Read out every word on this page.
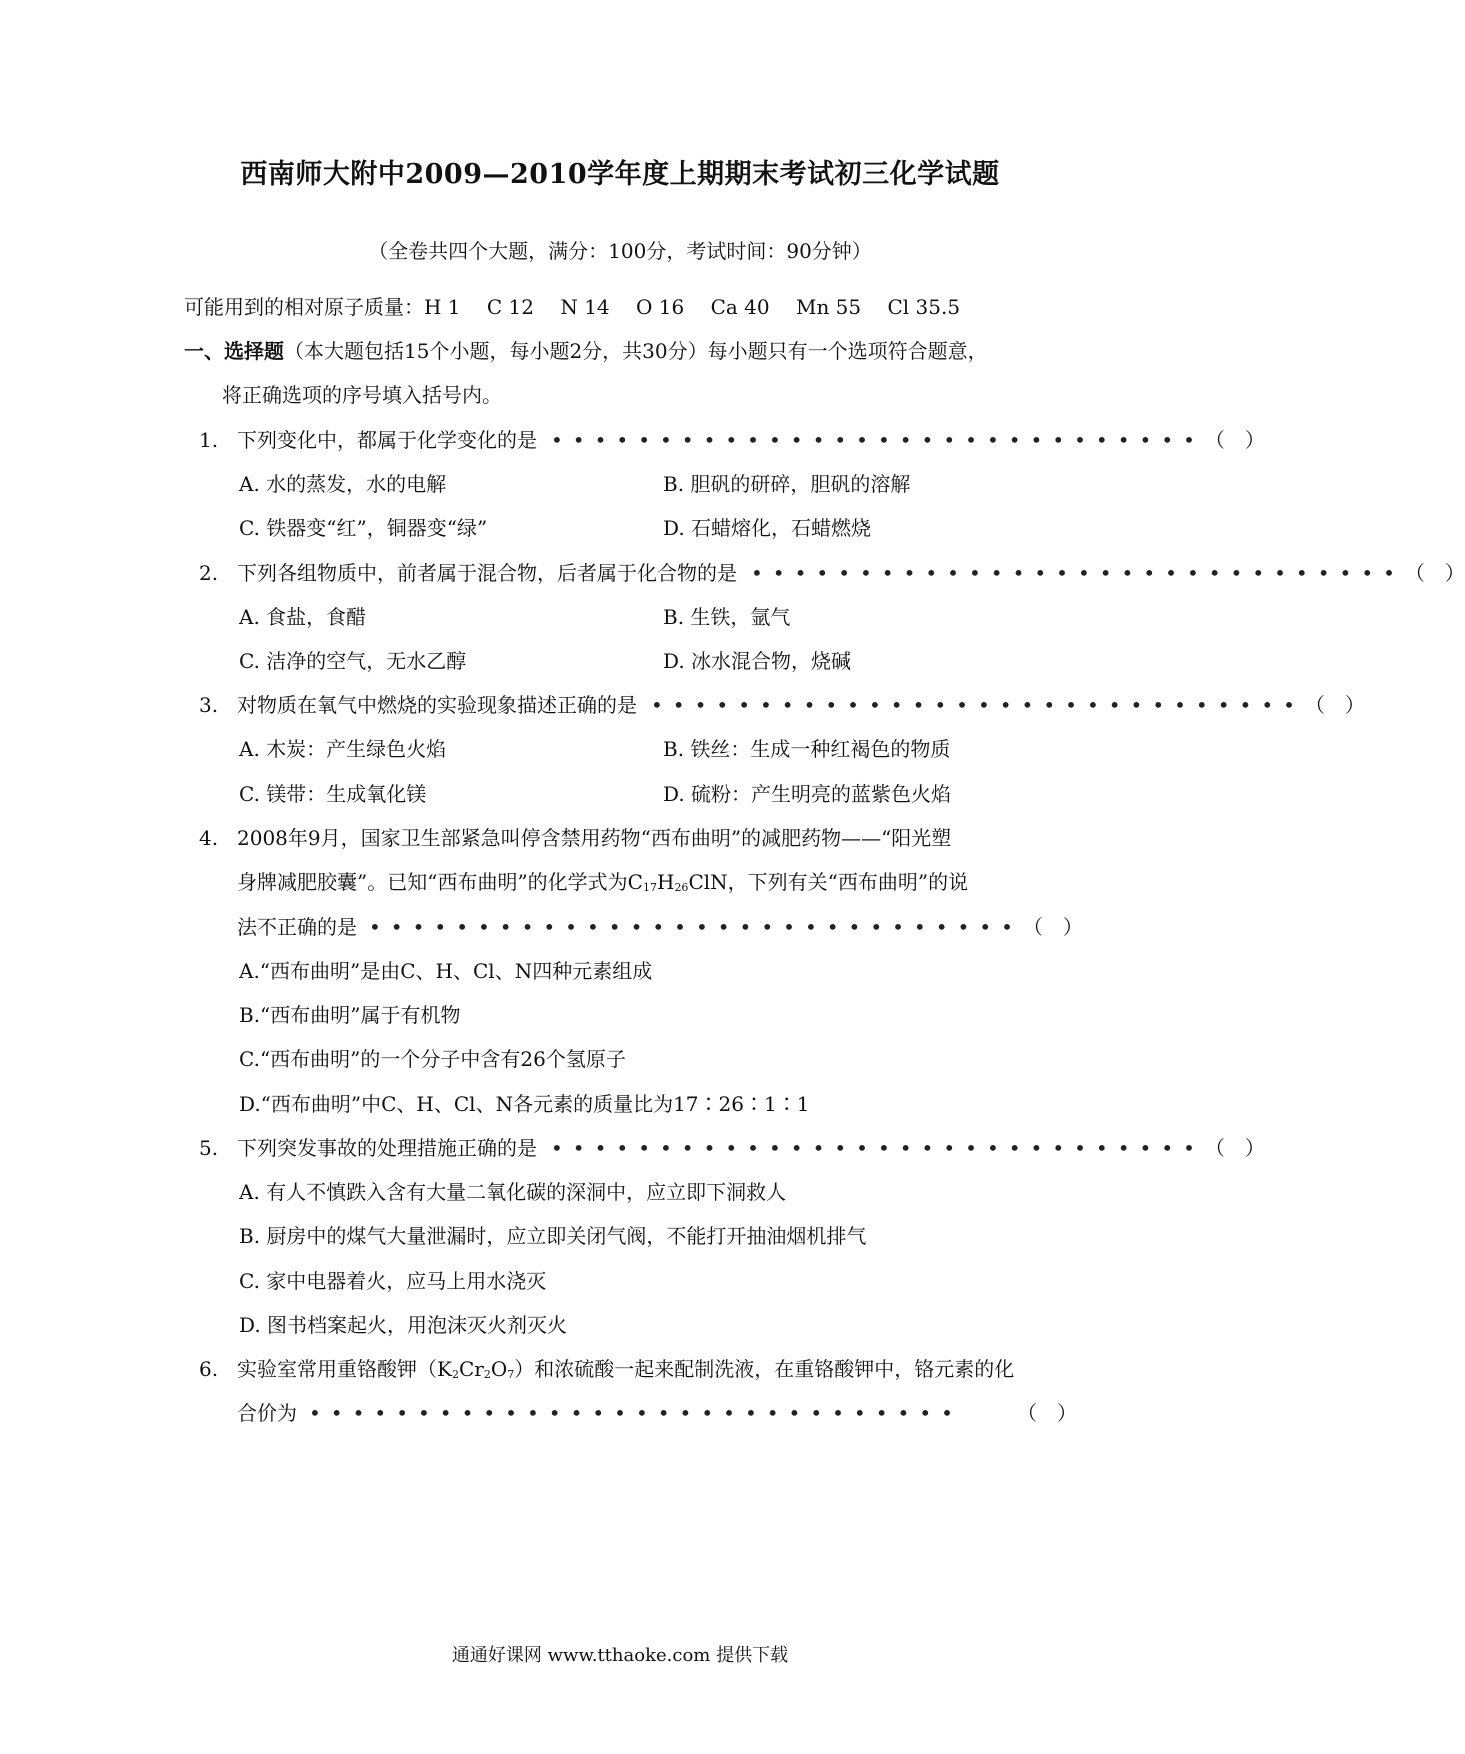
西南师大附中2009—2010学年度上期期末考试初三化学试题
（全卷共四个大题，满分：100分，考试时间：90分钟）
可能用到的相对原子质量：H 1　 C 12　 N 14　 O 16　 Ca 40　 Mn 55　 Cl 35.5
一、选择题（本大题包括15个小题，每小题2分，共30分）每小题只有一个选项符合题意，
将正确选项的序号填入括号内。
1. 下列变化中，都属于化学变化的是 •••••••••••••••••••••••••••••• （　）
A. 水的蒸发，水的电解	B. 胆矾的研碎，胆矾的溶解
C. 铁器变“红”，铜器变“绿”	D. 石蜡熔化，石蜡燃烧
2. 下列各组物质中，前者属于混合物，后者属于化合物的是 •••••••••••••••••••••••••••••• （　）
A. 食盐，食醋	B. 生铁，氩气
C. 洁净的空气，无水乙醇	D. 冰水混合物，烧碱
3. 对物质在氧气中燃烧的实验现象描述正确的是 •••••••••••••••••••••••••••••• （　）
A. 木炭：产生绿色火焰	B. 铁丝：生成一种红褐色的物质
C. 镁带：生成氧化镁	D. 硫粉：产生明亮的蓝紫色火焰
4. 2008年9月，国家卫生部紧急叫停含禁用药物“西布曲明”的减肥药物——“阳光塑
身牌减肥胶囊”。已知“西布曲明”的化学式为$C_{17}H_{26}ClN$，下列有关“西布曲明”的说
法不正确的是 •••••••••••••••••••••••••••••• （　）
A.“西布曲明”是由C、H、Cl、N四种元素组成
B.“西布曲明”属于有机物
C.“西布曲明”的一个分子中含有26个氢原子
D.“西布曲明”中C、H、Cl、N各元素的质量比为17∶26∶1∶1
5. 下列突发事故的处理措施正确的是 •••••••••••••••••••••••••••••• （　）
A. 有人不慎跌入含有大量二氧化碳的深洞中，应立即下洞救人
B. 厨房中的煤气大量泄漏时，应立即关闭气阀，不能打开抽油烟机排气
C. 家中电器着火，应马上用水浇灭
D. 图书档案起火，用泡沫灭火剂灭火
6. 实验室常用重铬酸钾$(K_2Cr_2O_7)$和浓硫酸一起来配制洗液，在重铬酸钾中，铬元素的化
合价为 ••••••••••••••••••••••••••••••	（　）
通通好课网 www.tthaoke.com 提供下载
